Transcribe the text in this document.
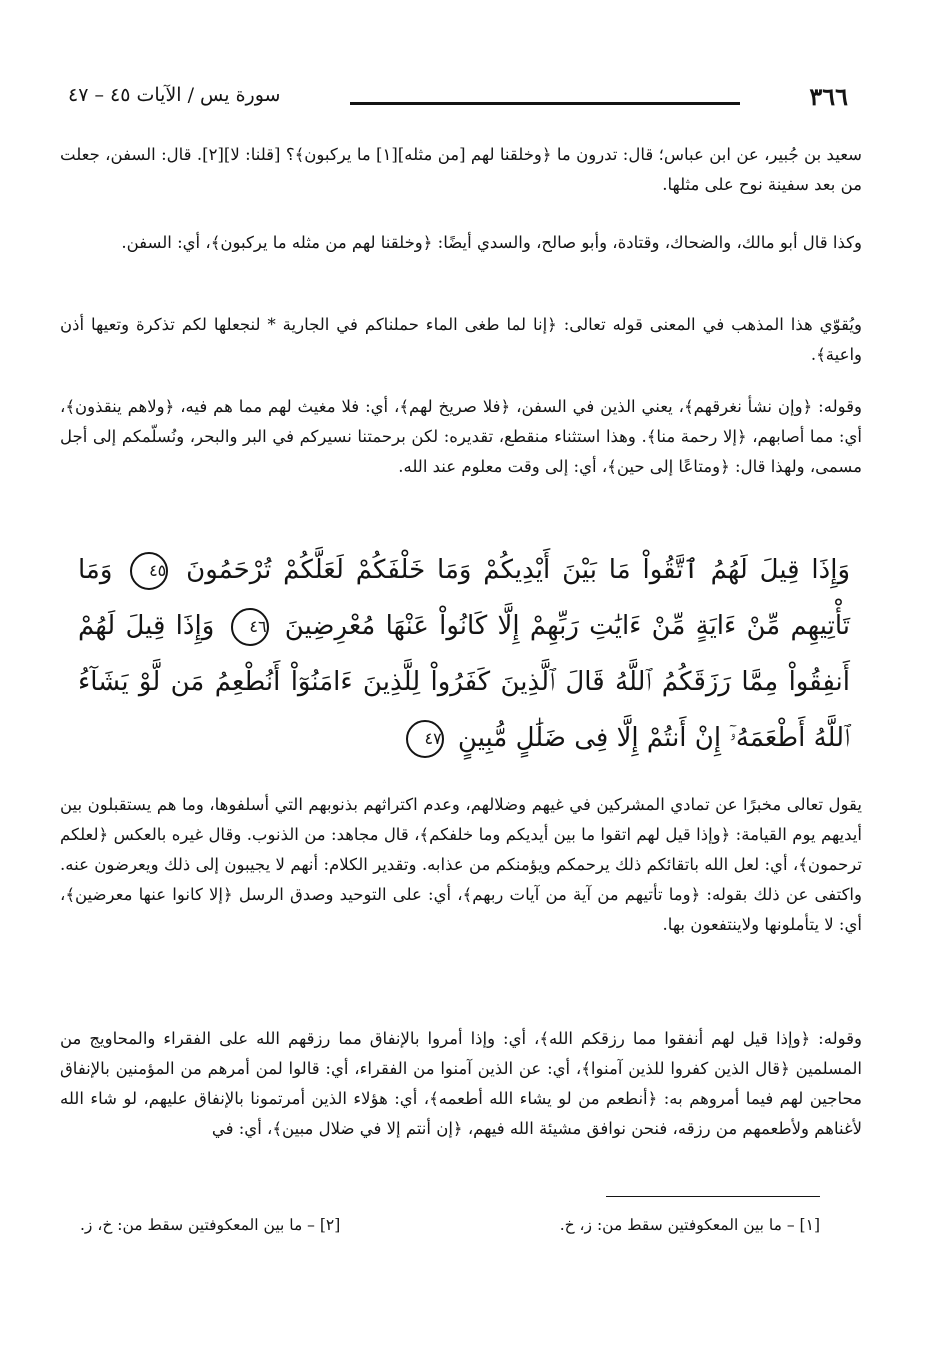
٣٦٦
سورة يس / الآيات ٤٥ – ٤٧

سعيد بن جُبير، عن ابن عباس؛ قال: تدرون ما ﴿وخلقنا لهم [من مثله][١] ما يركبون﴾؟ [قلنا: لا][٢]. قال: السفن، جعلت من بعد سفينة نوح على مثلها.

وكذا قال أبو مالك، والضحاك، وقتادة، وأبو صالح، والسدي أيضًا: ﴿وخلقنا لهم من مثله ما يركبون﴾، أي: السفن.

ويُقوّي هذا المذهب في المعنى قوله تعالى: ﴿إنا لما طغى الماء حملناكم في الجارية * لنجعلها لكم تذكرة وتعيها أذن واعية﴾.

وقوله: ﴿وإن نشأ نغرقهم﴾، يعني الذين في السفن، ﴿فلا صريخ لهم﴾، أي: فلا مغيث لهم مما هم فيه، ﴿ولاهم ينقذون﴾، أي: مما أصابهم، ﴿إلا رحمة منا﴾. وهذا استثناء منقطع، تقديره: لكن برحمتنا نسيركم في البر والبحر، ونُسلّمكم إلى أجل مسمى، ولهذا قال: ﴿ومتاعًا إلى حين﴾، أي: إلى وقت معلوم عند الله.

وَإِذَا قِيلَ لَهُمُ ٱتَّقُواْ مَا بَيْنَ أَيْدِيكُمْ وَمَا خَلْفَكُمْ لَعَلَّكُمْ تُرْحَمُونَ ٤٥ وَمَا تَأْتِيهِم مِّنْ ءَايَةٍ مِّنْ ءَايَٰتِ رَبِّهِمْ إِلَّا كَانُواْ عَنْهَا مُعْرِضِينَ ٤٦ وَإِذَا قِيلَ لَهُمْ أَنفِقُواْ مِمَّا رَزَقَكُمُ ٱللَّهُ قَالَ ٱلَّذِينَ كَفَرُواْ لِلَّذِينَ ءَامَنُوٓاْ أَنُطْعِمُ مَن لَّوْ يَشَآءُ ٱللَّهُ أَطْعَمَهُۥٓ إِنْ أَنتُمْ إِلَّا فِى ضَلَٰلٍ مُّبِينٍ ٤٧

يقول تعالى مخبرًا عن تمادي المشركين في غيهم وضلالهم، وعدم اكتراثهم بذنوبهم التي أسلفوها، وما هم يستقبلون بين أيديهم يوم القيامة: ﴿وإذا قيل لهم اتقوا ما بين أيديكم وما خلفكم﴾، قال مجاهد: من الذنوب. وقال غيره بالعكس ﴿لعلكم ترحمون﴾، أي: لعل الله باتقائكم ذلك يرحمكم ويؤمنكم من عذابه. وتقدير الكلام: أنهم لا يجيبون إلى ذلك ويعرضون عنه. واكتفى عن ذلك بقوله: ﴿وما تأتيهم من آية من آيات ربهم﴾، أي: على التوحيد وصدق الرسل ﴿إلا كانوا عنها معرضين﴾، أي: لا يتأملونها ولاينتفعون بها.

وقوله: ﴿وإذا قيل لهم أنفقوا مما رزقكم الله﴾، أي: وإذا أمروا بالإنفاق مما رزقهم الله على الفقراء والمحاويج من المسلمين ﴿قال الذين كفروا للذين آمنوا﴾، أي: عن الذين آمنوا من الفقراء، أي: قالوا لمن أمرهم من المؤمنين بالإنفاق محاجين لهم فيما أمروهم به: ﴿أنطعم من لو يشاء الله أطعمه﴾، أي: هؤلاء الذين أمرتمونا بالإنفاق عليهم، لو شاء الله لأغناهم ولأطعمهم من رزقه، فنحن نوافق مشيئة الله فيهم، ﴿إن أنتم إلا في ضلال مبين﴾، أي: في

[١] – ما بين المعكوفتين سقط من: ز، خ.
[٢] – ما بين المعكوفتين سقط من: خ، ز.
